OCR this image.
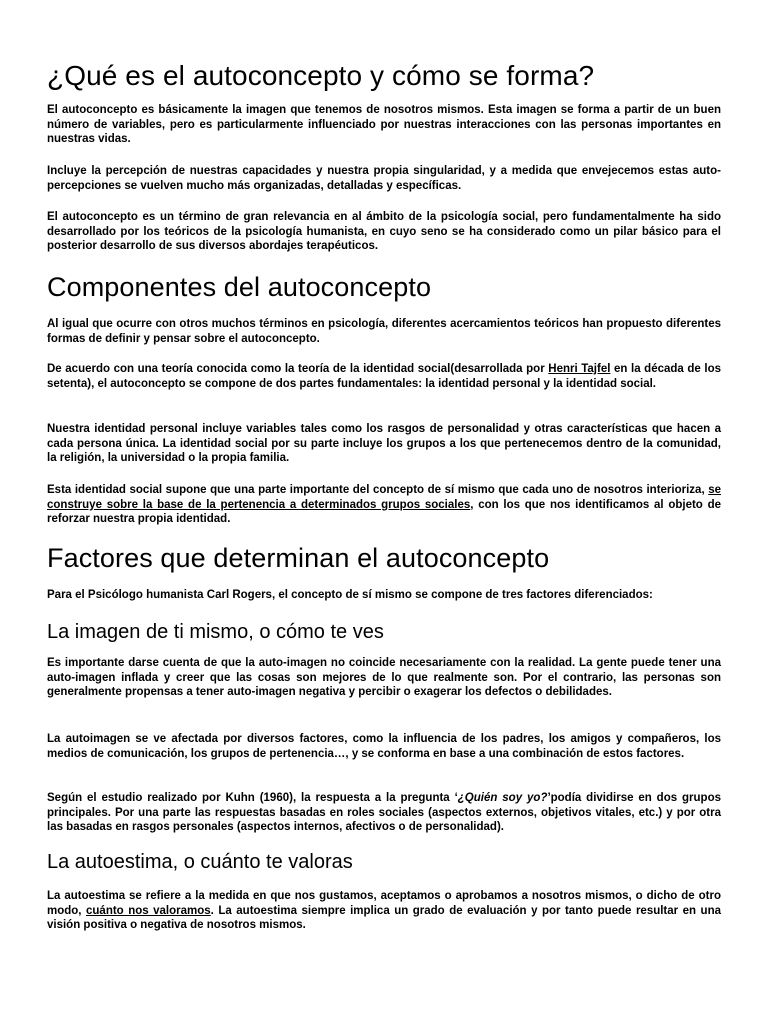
¿Qué es el autoconcepto y cómo se forma?

El autoconcepto es básicamente la imagen que tenemos de nosotros mismos. Esta imagen se forma a partir de un buen número de variables, pero es particularmente influenciado por nuestras interacciones con las personas importantes en nuestras vidas.

Incluye la percepción de nuestras capacidades y nuestra propia singularidad, y a medida que envejecemos estas auto-percepciones se vuelven mucho más organizadas, detalladas y específicas.

El autoconcepto es un término de gran relevancia en al ámbito de la psicología social, pero fundamentalmente ha sido desarrollado por los teóricos de la psicología humanista, en cuyo seno se ha considerado como un pilar básico para el posterior desarrollo de sus diversos abordajes terapéuticos.

Componentes del autoconcepto

Al igual que ocurre con otros muchos términos en psicología, diferentes acercamientos teóricos han propuesto diferentes formas de definir y pensar sobre el autoconcepto.

De acuerdo con una teoría conocida como la teoría de la identidad social(desarrollada por Henri Tajfel en la década de los setenta), el autoconcepto se compone de dos partes fundamentales: la identidad personal y la identidad social.

Nuestra identidad personal incluye variables tales como los rasgos de personalidad y otras características que hacen a cada persona única. La identidad social por su parte incluye los grupos a los que pertenecemos dentro de la comunidad, la religión, la universidad o la propia familia.

Esta identidad social supone que una parte importante del concepto de sí mismo que cada uno de nosotros interioriza, se construye sobre la base de la pertenencia a determinados grupos sociales, con los que nos identificamos al objeto de reforzar nuestra propia identidad.

Factores que determinan el autoconcepto

Para el Psicólogo humanista Carl Rogers, el concepto de sí mismo se compone de tres factores diferenciados:

La imagen de ti mismo, o cómo te ves

Es importante darse cuenta de que la auto-imagen no coincide necesariamente con la realidad. La gente puede tener una auto-imagen inflada y creer que las cosas son mejores de lo que realmente son. Por el contrario, las personas son generalmente propensas a tener auto-imagen negativa y percibir o exagerar los defectos o debilidades.

La autoimagen se ve afectada por diversos factores, como la influencia de los padres, los amigos y compañeros, los medios de comunicación, los grupos de pertenencia…, y se conforma en base a una combinación de estos factores.

Según el estudio realizado por Kuhn (1960), la respuesta a la pregunta ‘¿Quién soy yo?’podía dividirse en dos grupos principales. Por una parte las respuestas basadas en roles sociales (aspectos externos, objetivos vitales, etc.) y por otra las basadas en rasgos personales (aspectos internos, afectivos o de personalidad).

La autoestima, o cuánto te valoras

La autoestima se refiere a la medida en que nos gustamos, aceptamos o aprobamos a nosotros mismos, o dicho de otro modo, cuánto nos valoramos. La autoestima siempre implica un grado de evaluación y por tanto puede resultar en una visión positiva o negativa de nosotros mismos.
